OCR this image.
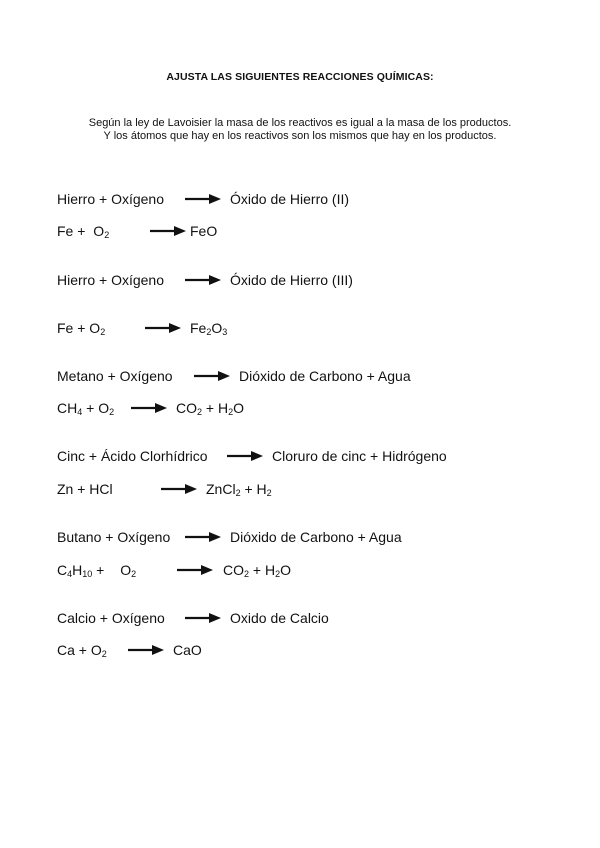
AJUSTA LAS SIGUIENTES REACCIONES QUÍMICAS:
Según la ley de Lavoisier la masa de los reactivos es igual a la masa de los productos.
Y los átomos que hay en los reactivos son los mismos que hay en los productos.
Hierro + Oxígeno	Óxido de Hierro (II)
$Fe + O_2$	FeO
Hierro + Oxígeno	Óxido de Hierro (III)
$Fe + O_2$	$Fe_2O_3$
Metano + Oxígeno	Dióxido de Carbono + Agua
$CH_4 + O_2$	$CO_2 + H_2O$
Cinc + Ácido Clorhídrico	Cloruro de cinc + Hidrógeno
Zn + HCl	ZnCl$_2$ + $H_2$
Butano + Oxígeno	Dióxido de Carbono + Agua
$C_4H_{10} + O_2$	$CO_2 + H_2O$
Calcio + Oxígeno	Oxido de Calcio
$Ca + O_2$	CaO
